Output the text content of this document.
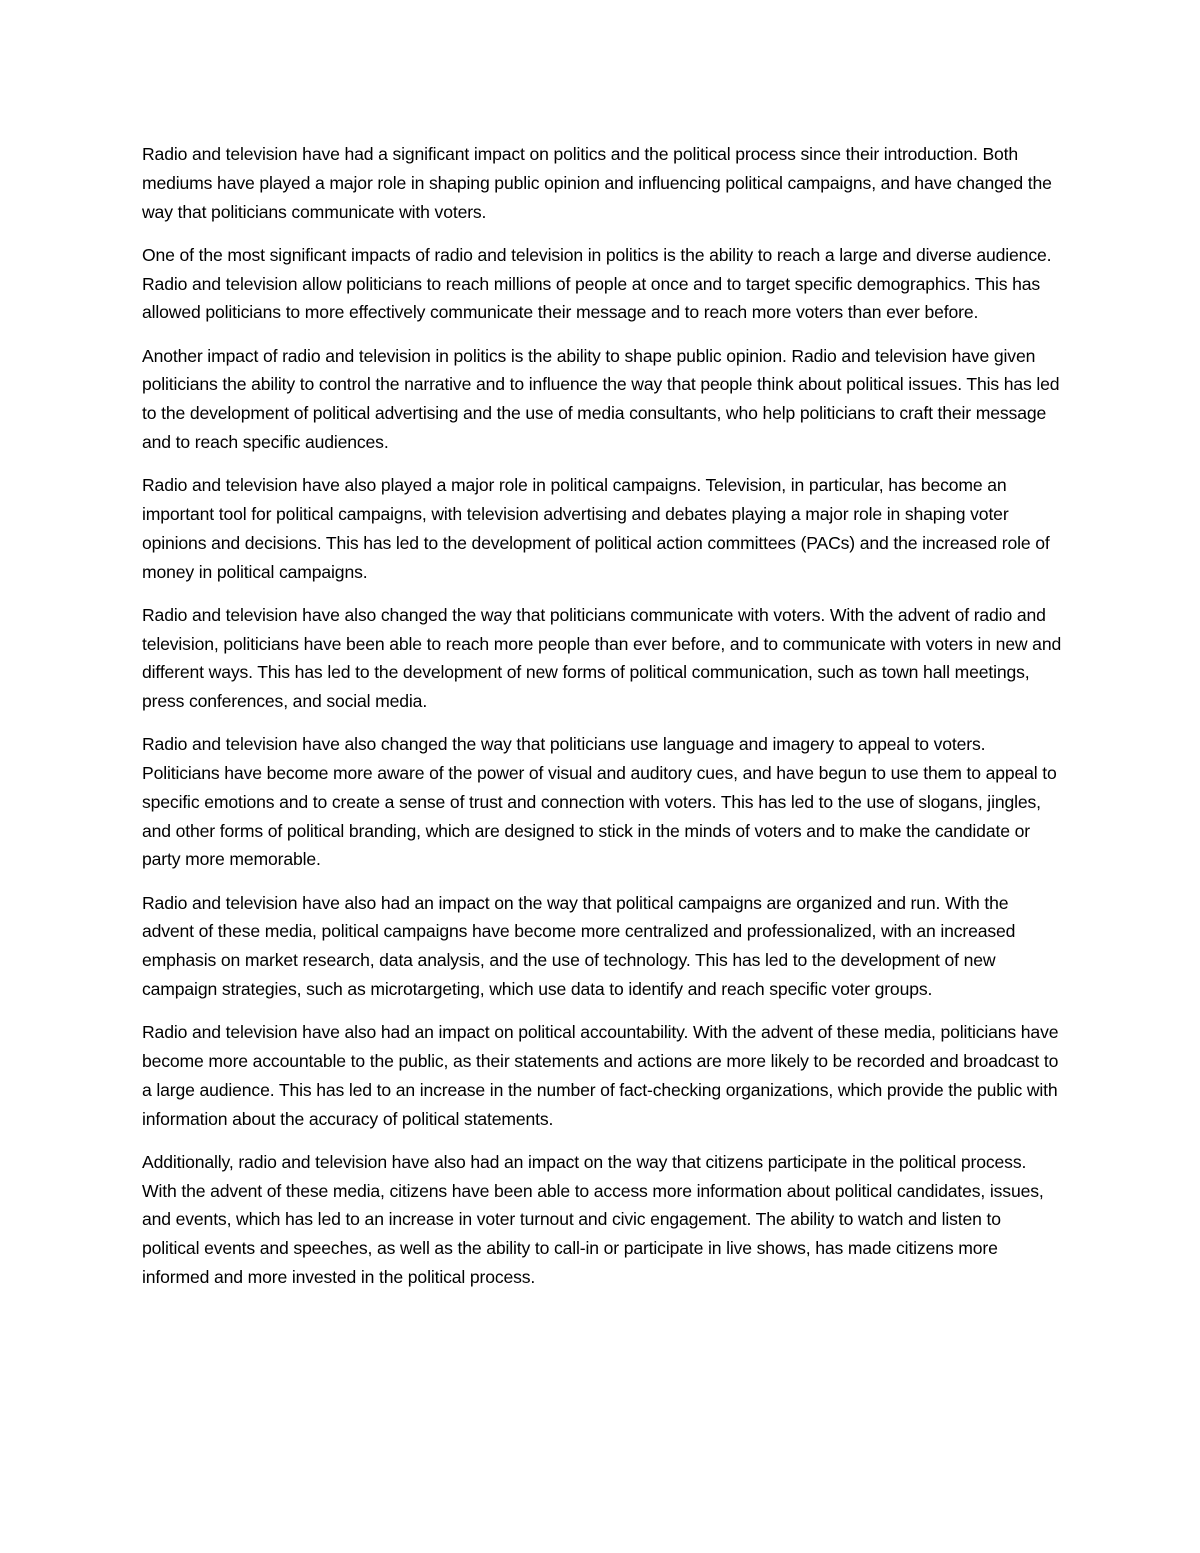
Radio and television have had a significant impact on politics and the political process since their introduction. Both mediums have played a major role in shaping public opinion and influencing political campaigns, and have changed the way that politicians communicate with voters.

One of the most significant impacts of radio and television in politics is the ability to reach a large and diverse audience. Radio and television allow politicians to reach millions of people at once and to target specific demographics. This has allowed politicians to more effectively communicate their message and to reach more voters than ever before.

Another impact of radio and television in politics is the ability to shape public opinion. Radio and television have given politicians the ability to control the narrative and to influence the way that people think about political issues. This has led to the development of political advertising and the use of media consultants, who help politicians to craft their message and to reach specific audiences.

Radio and television have also played a major role in political campaigns. Television, in particular, has become an important tool for political campaigns, with television advertising and debates playing a major role in shaping voter opinions and decisions. This has led to the development of political action committees (PACs) and the increased role of money in political campaigns.

Radio and television have also changed the way that politicians communicate with voters. With the advent of radio and television, politicians have been able to reach more people than ever before, and to communicate with voters in new and different ways. This has led to the development of new forms of political communication, such as town hall meetings, press conferences, and social media.

Radio and television have also changed the way that politicians use language and imagery to appeal to voters. Politicians have become more aware of the power of visual and auditory cues, and have begun to use them to appeal to specific emotions and to create a sense of trust and connection with voters. This has led to the use of slogans, jingles, and other forms of political branding, which are designed to stick in the minds of voters and to make the candidate or party more memorable.

Radio and television have also had an impact on the way that political campaigns are organized and run. With the advent of these media, political campaigns have become more centralized and professionalized, with an increased emphasis on market research, data analysis, and the use of technology. This has led to the development of new campaign strategies, such as microtargeting, which use data to identify and reach specific voter groups.

Radio and television have also had an impact on political accountability. With the advent of these media, politicians have become more accountable to the public, as their statements and actions are more likely to be recorded and broadcast to a large audience. This has led to an increase in the number of fact-checking organizations, which provide the public with information about the accuracy of political statements.

Additionally, radio and television have also had an impact on the way that citizens participate in the political process. With the advent of these media, citizens have been able to access more information about political candidates, issues, and events, which has led to an increase in voter turnout and civic engagement. The ability to watch and listen to political events and speeches, as well as the ability to call-in or participate in live shows, has made citizens more informed and more invested in the political process.
